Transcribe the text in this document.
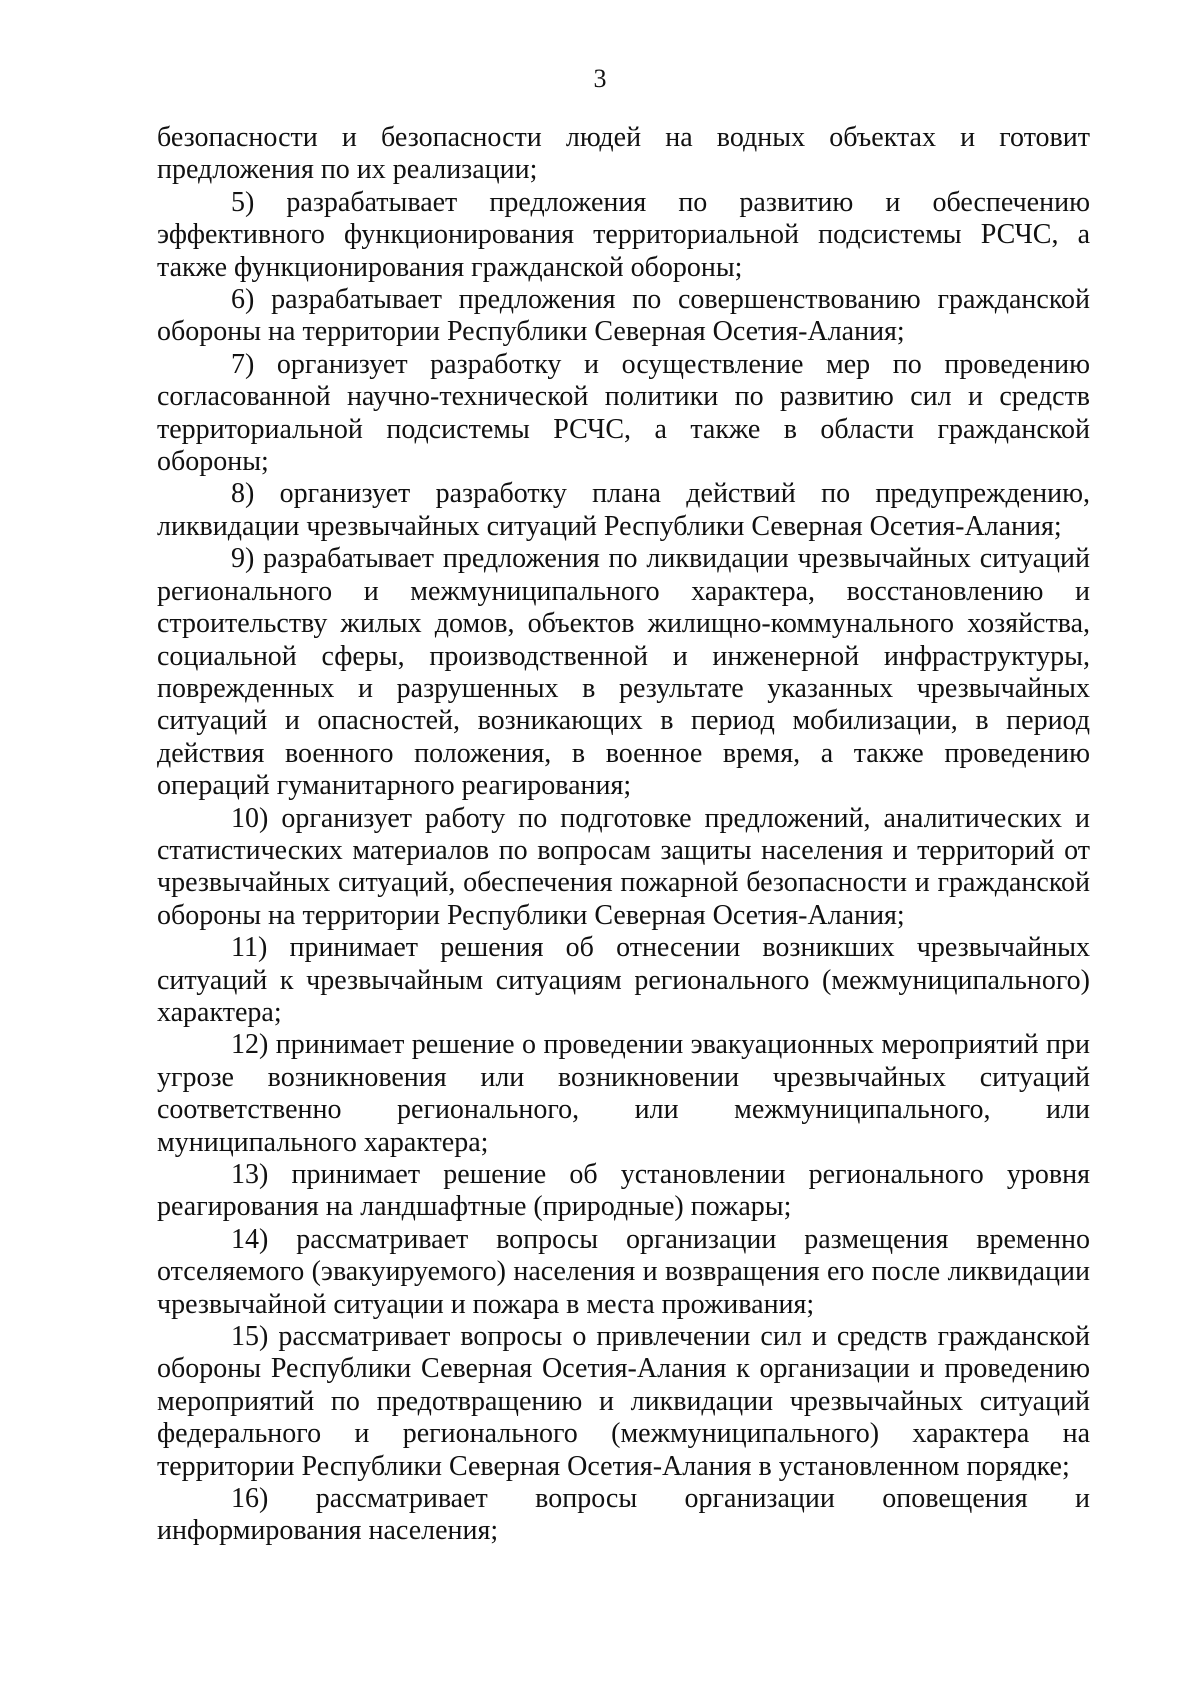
3

безопасности и безопасности людей на водных объектах и готовит предложения по их реализации;

5) разрабатывает предложения по развитию и обеспечению эффективного функционирования территориальной подсистемы РСЧС, а также функционирования гражданской обороны;

6) разрабатывает предложения по совершенствованию гражданской обороны на территории Республики Северная Осетия-Алания;

7) организует разработку и осуществление мер по проведению согласованной научно-технической политики по развитию сил и средств территориальной подсистемы РСЧС, а также в области гражданской обороны;

8) организует разработку плана действий по предупреждению, ликвидации чрезвычайных ситуаций Республики Северная Осетия-Алания;

9) разрабатывает предложения по ликвидации чрезвычайных ситуаций регионального и межмуниципального характера, восстановлению и строительству жилых домов, объектов жилищно-коммунального хозяйства, социальной сферы, производственной и инженерной инфраструктуры, поврежденных и разрушенных в результате указанных чрезвычайных ситуаций и опасностей, возникающих в период мобилизации, в период действия военного положения, в военное время, а также проведению операций гуманитарного реагирования;

10) организует работу по подготовке предложений, аналитических и статистических материалов по вопросам защиты населения и территорий от чрезвычайных ситуаций, обеспечения пожарной безопасности и гражданской обороны на территории Республики Северная Осетия-Алания;

11) принимает решения об отнесении возникших чрезвычайных ситуаций к чрезвычайным ситуациям регионального (межмуниципального) характера;

12) принимает решение о проведении эвакуационных мероприятий при угрозе возникновения или возникновении чрезвычайных ситуаций соответственно регионального, или межмуниципального, или муниципального характера;

13) принимает решение об установлении регионального уровня реагирования на ландшафтные (природные) пожары;

14) рассматривает вопросы организации размещения временно отселяемого (эвакуируемого) населения и возвращения его после ликвидации чрезвычайной ситуации и пожара в места проживания;

15) рассматривает вопросы о привлечении сил и средств гражданской обороны Республики Северная Осетия-Алания к организации и проведению мероприятий по предотвращению и ликвидации чрезвычайных ситуаций федерального и регионального (межмуниципального) характера на территории Республики Северная Осетия-Алания в установленном порядке;

16) рассматривает вопросы организации оповещения и информирования населения;
